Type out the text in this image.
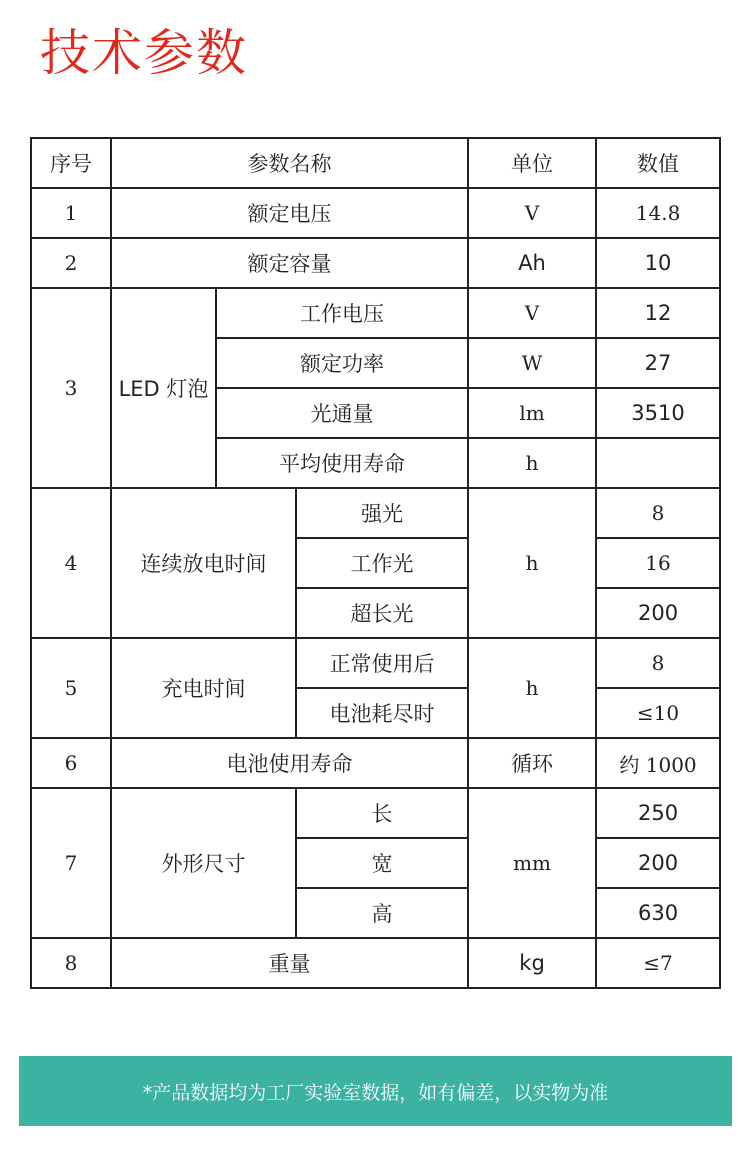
技术参数
序号	参数名称			单位	数值
1	额定电压			V	14.8
2	额定容量			Ah	10
3	LED 灯泡	工作电压		V	12
		额定功率		W	27
		光通量		lm	3510
		平均使用寿命		h	
4	连续放电时间		强光	h	8
			工作光		16
			超长光		200
5	充电时间		正常使用后	h	8
			电池耗尽时		≤10
6	电池使用寿命			循环	约 1000
7	外形尺寸		长	mm	250
			宽		200
			高		630
8	重量			kg	≤7
*产品数据均为工厂实验室数据，如有偏差，以实物为准
